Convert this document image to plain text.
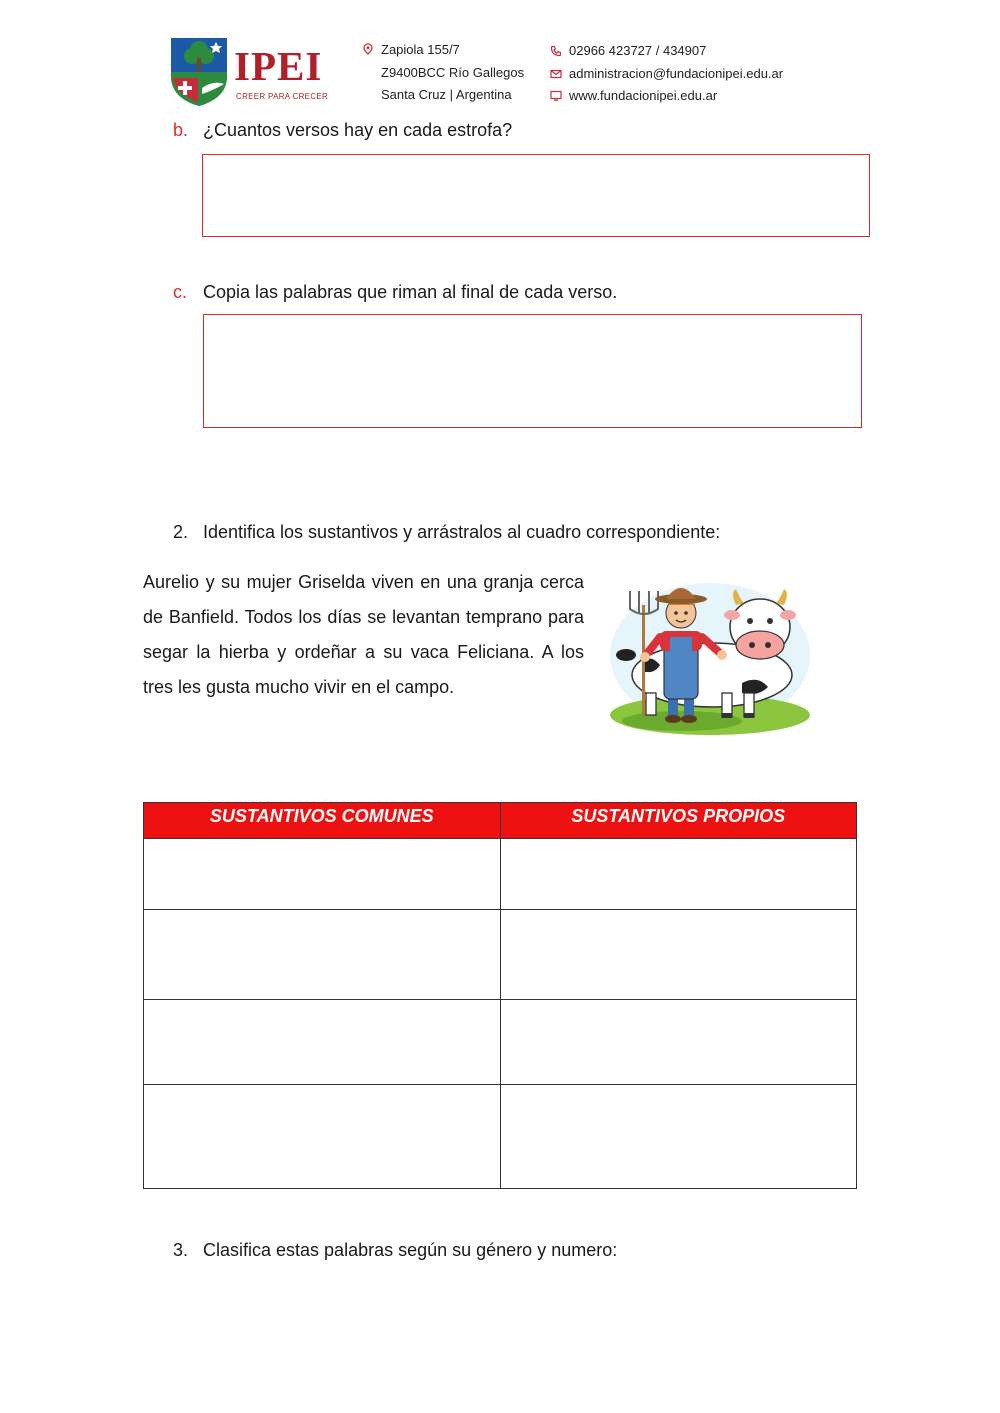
IPEI
CREER PARA CRECER
Zapiola 155/7
Z9400BCC Río Gallegos
Santa Cruz | Argentina
02966 423727 / 434907
administracion@fundacionipei.edu.ar
www.fundacionipei.edu.ar
b. ¿Cuantos versos hay en cada estrofa?
c. Copia las palabras que riman al final de cada verso.
2. Identifica los sustantivos y arrástralos al cuadro correspondiente:
Aurelio y su mujer Griselda viven en una granja cerca de Banfield. Todos los días se levantan temprano para segar la hierba y ordeñar a su vaca Feliciana. A los tres les gusta mucho vivir en el campo.
SUSTANTIVOS COMUNES	SUSTANTIVOS PROPIOS

3. Clasifica estas palabras según su género y numero:
